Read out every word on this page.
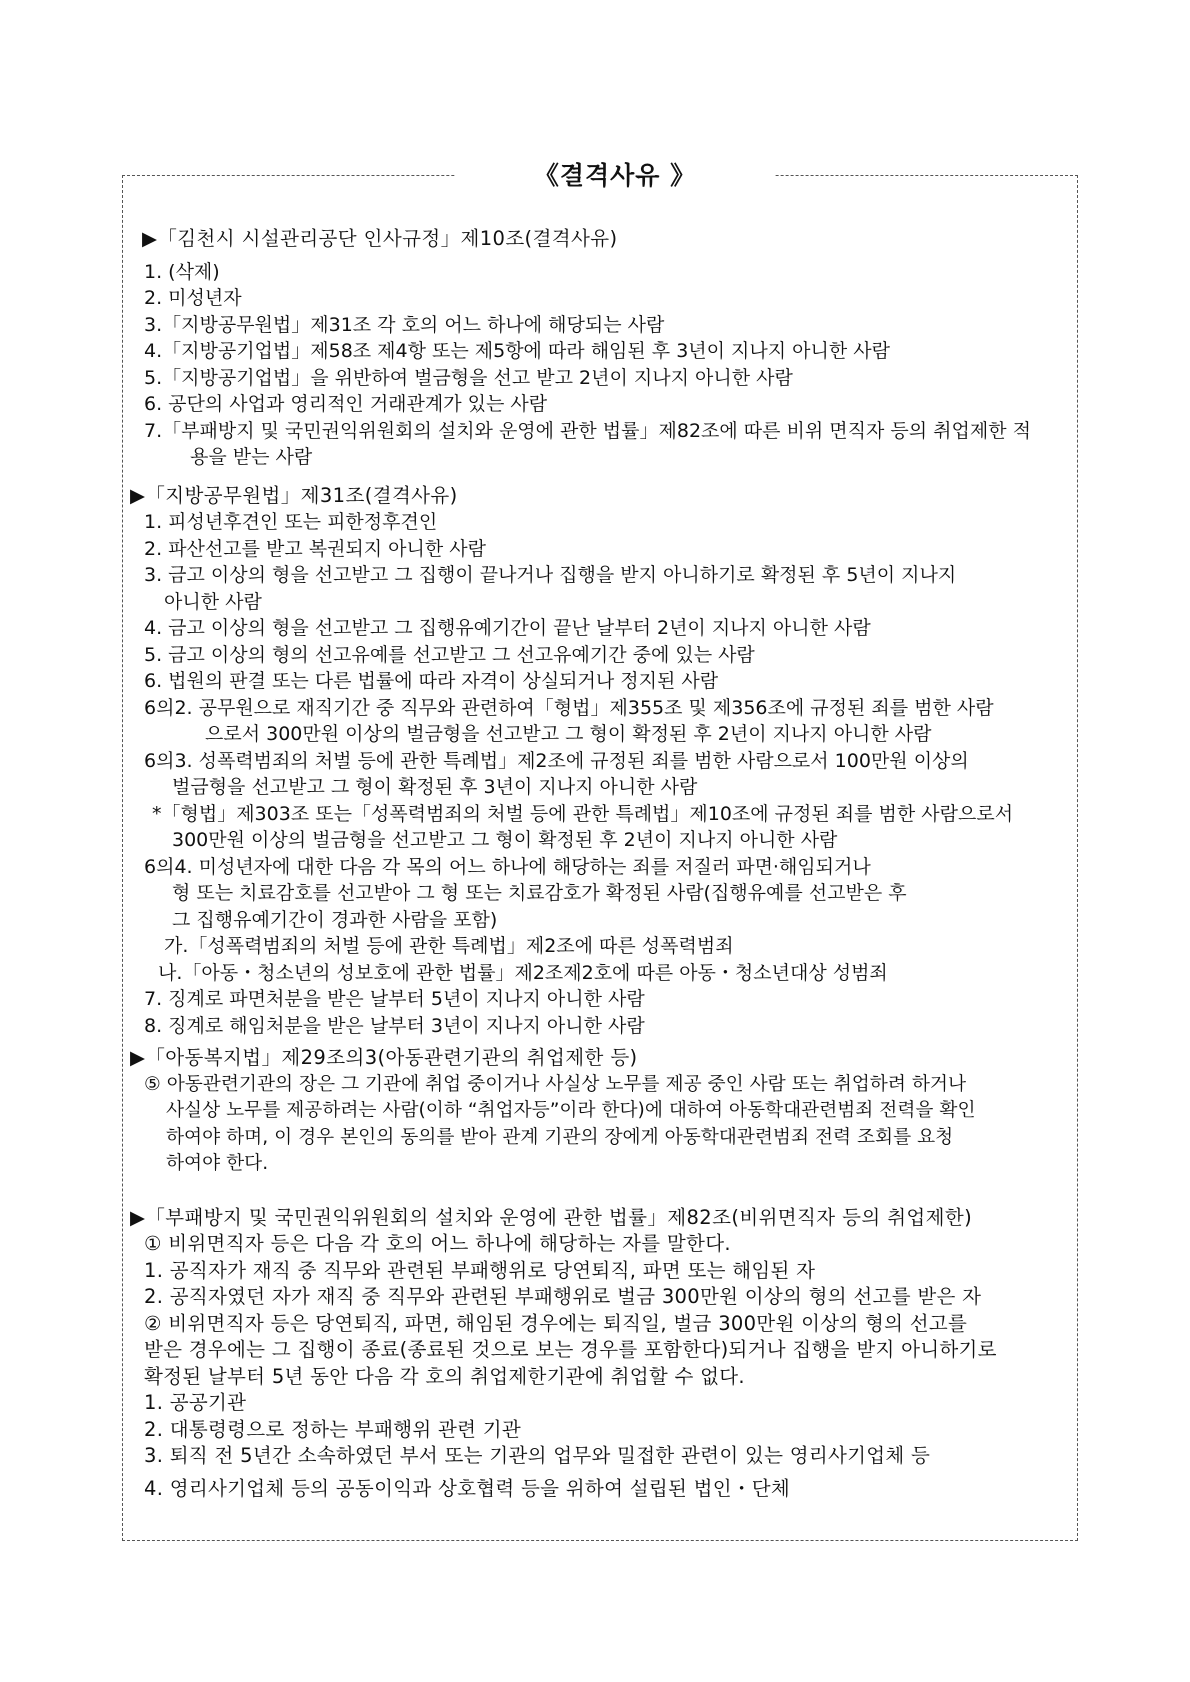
《결격사유 》
▶「김천시 시설관리공단 인사규정」제10조(결격사유)
1. (삭제)
2. 미성년자
3.「지방공무원법」제31조 각 호의 어느 하나에 해당되는 사람
4.「지방공기업법」제58조 제4항 또는 제5항에 따라 해임된 후 3년이 지나지 아니한 사람
5.「지방공기업법」을 위반하여 벌금형을 선고 받고 2년이 지나지 아니한 사람
6. 공단의 사업과 영리적인 거래관계가 있는 사람
7.「부패방지 및 국민권익위원회의 설치와 운영에 관한 법률」제82조에 따른 비위 면직자 등의 취업제한 적
용을 받는 사람
▶「지방공무원법」제31조(결격사유)
1. 피성년후견인 또는 피한정후견인
2. 파산선고를 받고 복권되지 아니한 사람
3. 금고 이상의 형을 선고받고 그 집행이 끝나거나 집행을 받지 아니하기로 확정된 후 5년이 지나지
아니한 사람
4. 금고 이상의 형을 선고받고 그 집행유예기간이 끝난 날부터 2년이 지나지 아니한 사람
5. 금고 이상의 형의 선고유예를 선고받고 그 선고유예기간 중에 있는 사람
6. 법원의 판결 또는 다른 법률에 따라 자격이 상실되거나 정지된 사람
6의2. 공무원으로 재직기간 중 직무와 관련하여「형법」제355조 및 제356조에 규정된 죄를 범한 사람
으로서 300만원 이상의 벌금형을 선고받고 그 형이 확정된 후 2년이 지나지 아니한 사람
6의3. 성폭력범죄의 처벌 등에 관한 특례법」제2조에 규정된 죄를 범한 사람으로서 100만원 이상의
벌금형을 선고받고 그 형이 확정된 후 3년이 지나지 아니한 사람
*「형법」제303조 또는「성폭력범죄의 처벌 등에 관한 특례법」제10조에 규정된 죄를 범한 사람으로서
300만원 이상의 벌금형을 선고받고 그 형이 확정된 후 2년이 지나지 아니한 사람
6의4. 미성년자에 대한 다음 각 목의 어느 하나에 해당하는 죄를 저질러 파면·해임되거나
형 또는 치료감호를 선고받아 그 형 또는 치료감호가 확정된 사람(집행유예를 선고받은 후
그 집행유예기간이 경과한 사람을 포함)
가.「성폭력범죄의 처벌 등에 관한 특례법」제2조에 따른 성폭력범죄
나.「아동・청소년의 성보호에 관한 법률」제2조제2호에 따른 아동・청소년대상 성범죄
7. 징계로 파면처분을 받은 날부터 5년이 지나지 아니한 사람
8. 징계로 해임처분을 받은 날부터 3년이 지나지 아니한 사람
▶「아동복지법」제29조의3(아동관련기관의 취업제한 등)
⑤ 아동관련기관의 장은 그 기관에 취업 중이거나 사실상 노무를 제공 중인 사람 또는 취업하려 하거나
사실상 노무를 제공하려는 사람(이하 “취업자등”이라 한다)에 대하여 아동학대관련범죄 전력을 확인
하여야 하며, 이 경우 본인의 동의를 받아 관계 기관의 장에게 아동학대관련범죄 전력 조회를 요청
하여야 한다.
▶「부패방지 및 국민권익위원회의 설치와 운영에 관한 법률」제82조(비위면직자 등의 취업제한)
① 비위면직자 등은 다음 각 호의 어느 하나에 해당하는 자를 말한다.
1. 공직자가 재직 중 직무와 관련된 부패행위로 당연퇴직, 파면 또는 해임된 자
2. 공직자였던 자가 재직 중 직무와 관련된 부패행위로 벌금 300만원 이상의 형의 선고를 받은 자
② 비위면직자 등은 당연퇴직, 파면, 해임된 경우에는 퇴직일, 벌금 300만원 이상의 형의 선고를
받은 경우에는 그 집행이 종료(종료된 것으로 보는 경우를 포함한다)되거나 집행을 받지 아니하기로
확정된 날부터 5년 동안 다음 각 호의 취업제한기관에 취업할 수 없다.
1. 공공기관
2. 대통령령으로 정하는 부패행위 관련 기관
3. 퇴직 전 5년간 소속하였던 부서 또는 기관의 업무와 밀접한 관련이 있는 영리사기업체 등
4. 영리사기업체 등의 공동이익과 상호협력 등을 위하여 설립된 법인・단체
